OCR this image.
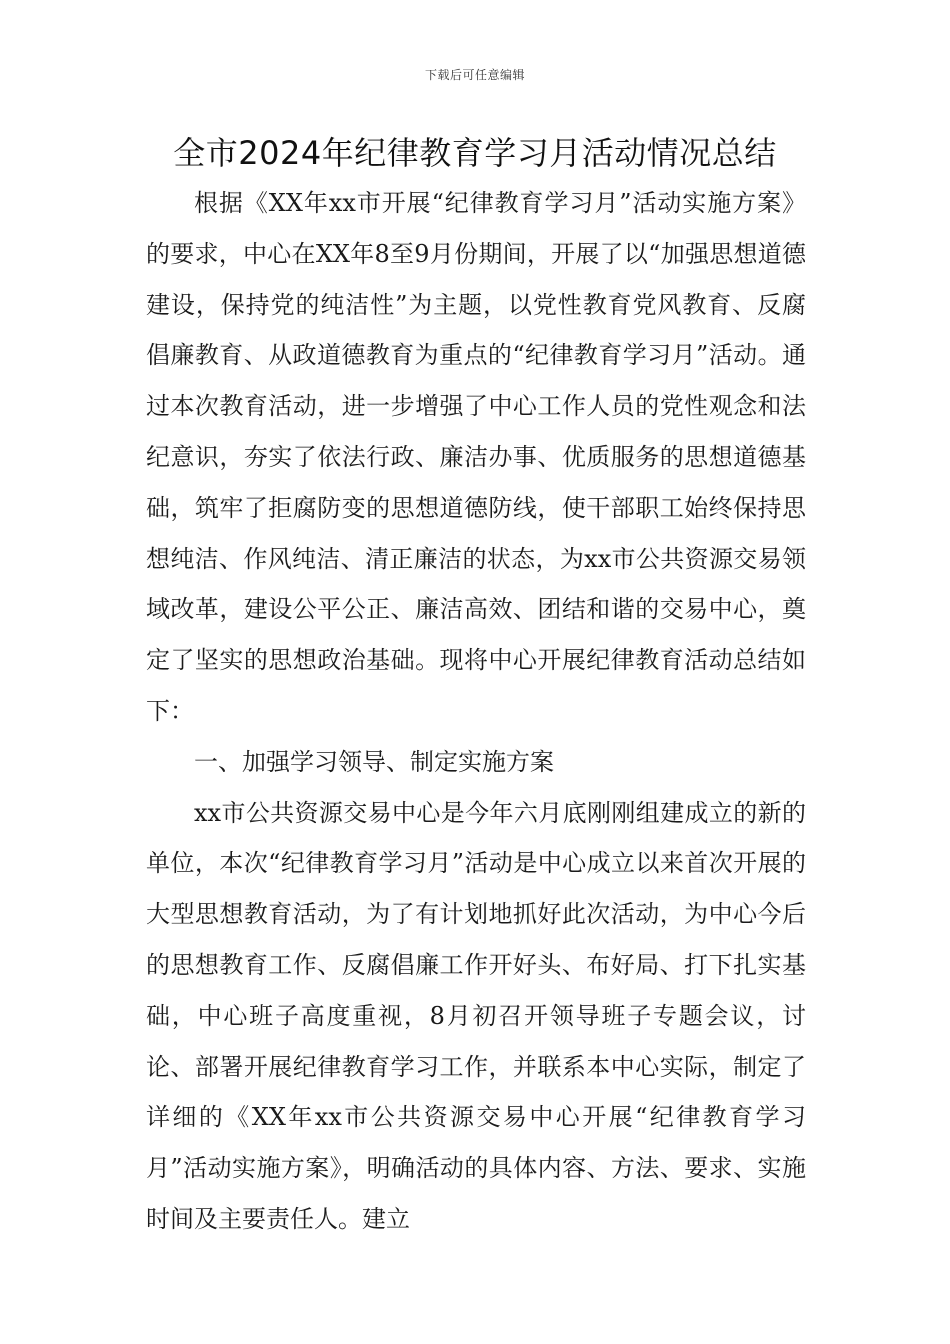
下载后可任意编辑
全市2024年纪律教育学习月活动情况总结

根据《XX年xx市开展“纪律教育学习月”活动实施方案》的要求，中心在XX年8至9月份期间，开展了以“加强思想道德建设，保持党的纯洁性”为主题，以党性教育党风教育、反腐倡廉教育、从政道德教育为重点的“纪律教育学习月”活动。通过本次教育活动，进一步增强了中心工作人员的党性观念和法纪意识，夯实了依法行政、廉洁办事、优质服务的思想道德基础，筑牢了拒腐防变的思想道德防线，使干部职工始终保持思想纯洁、作风纯洁、清正廉洁的状态，为xx市公共资源交易领域改革，建设公平公正、廉洁高效、团结和谐的交易中心，奠定了坚实的思想政治基础。现将中心开展纪律教育活动总结如下：

一、加强学习领导、制定实施方案

xx市公共资源交易中心是今年六月底刚刚组建成立的新的单位，本次“纪律教育学习月”活动是中心成立以来首次开展的大型思想教育活动，为了有计划地抓好此次活动，为中心今后的思想教育工作、反腐倡廉工作开好头、布好局、打下扎实基础，中心班子高度重视，8月初召开领导班子专题会议，讨论、部署开展纪律教育学习工作，并联系本中心实际，制定了详细的《XX年xx市公共资源交易中心开展“纪律教育学习月”活动实施方案》，明确活动的具体内容、方法、要求、实施时间及主要责任人。建立
